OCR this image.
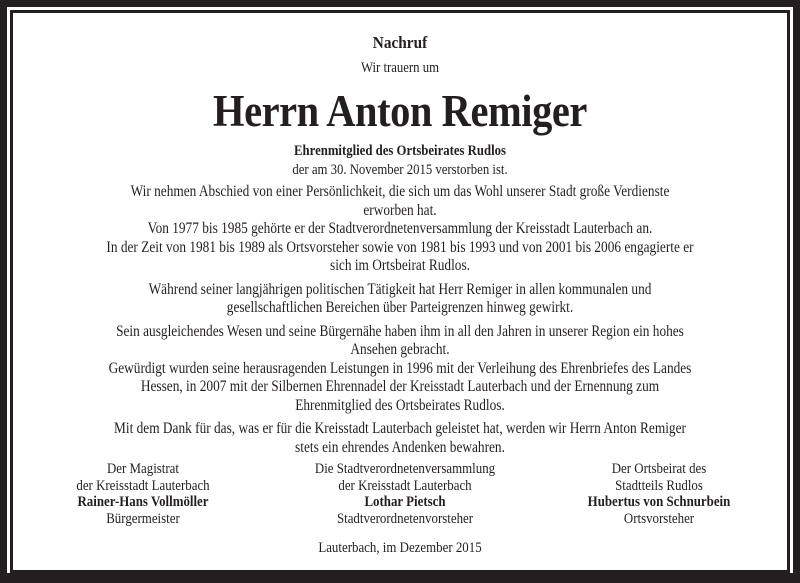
Nachruf

Wir trauern um

Herrn Anton Remiger

Ehrenmitglied des Ortsbeirates Rudlos

der am 30. November 2015 verstorben ist.

Wir nehmen Abschied von einer Persönlichkeit, die sich um das Wohl unserer Stadt große Verdienste

erworben hat.

Von 1977 bis 1985 gehörte er der Stadtverordnetenversammlung der Kreisstadt Lauterbach an.

In der Zeit von 1981 bis 1989 als Ortsvorsteher sowie von 1981 bis 1993 und von 2001 bis 2006 engagierte er

sich im Ortsbeirat Rudlos.

Während seiner langjährigen politischen Tätigkeit hat Herr Remiger in allen kommunalen und

gesellschaftlichen Bereichen über Parteigrenzen hinweg gewirkt.

Sein ausgleichendes Wesen und seine Bürgernähe haben ihm in all den Jahren in unserer Region ein hohes

Ansehen gebracht.

Gewürdigt wurden seine herausragenden Leistungen in 1996 mit der Verleihung des Ehrenbriefes des Landes

Hessen, in 2007 mit der Silbernen Ehrennadel der Kreisstadt Lauterbach und der Ernennung zum

Ehrenmitglied des Ortsbeirates Rudlos.

Mit dem Dank für das, was er für die Kreisstadt Lauterbach geleistet hat, werden wir Herrn Anton Remiger

stets ein ehrendes Andenken bewahren.

Der Magistrat
der Kreisstadt Lauterbach
Rainer-Hans Vollmöller
Bürgermeister
Die Stadtverordnetenversammlung
der Kreisstadt Lauterbach
Lothar Pietsch
Stadtverordnetenvorsteher
Der Ortsbeirat des
Stadtteils Rudlos
Hubertus von Schnurbein
Ortsvorsteher

Lauterbach, im Dezember 2015
